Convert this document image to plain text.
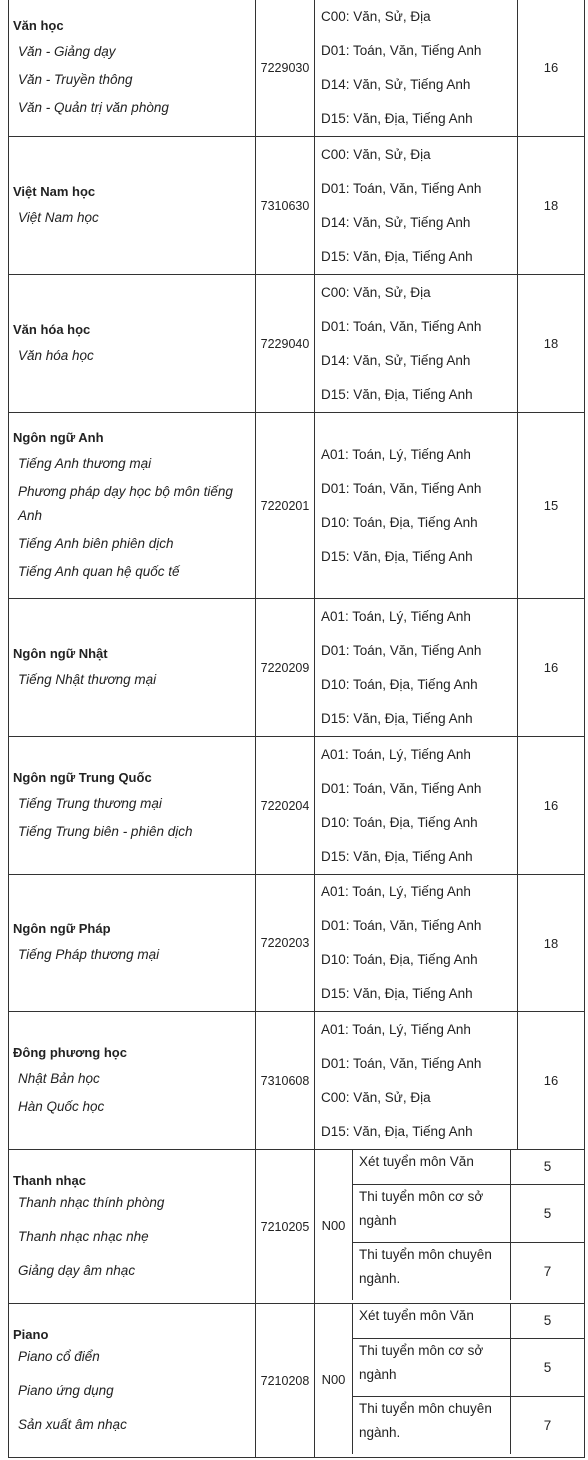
Văn học
Văn - Giảng dạy
Văn - Truyền thông
Văn - Quản trị văn phòng
	7229030	
C00: Văn, Sử, Địa
D01: Toán, Văn, Tiếng Anh
D14: Văn, Sử, Tiếng Anh
D15: Văn, Địa, Tiếng Anh
	16

Việt Nam học
Việt Nam học
	7310630	
C00: Văn, Sử, Địa
D01: Toán, Văn, Tiếng Anh
D14: Văn, Sử, Tiếng Anh
D15: Văn, Địa, Tiếng Anh
	18

Văn hóa học
Văn hóa học
	7229040	
C00: Văn, Sử, Địa
D01: Toán, Văn, Tiếng Anh
D14: Văn, Sử, Tiếng Anh
D15: Văn, Địa, Tiếng Anh
	18

Ngôn ngữ Anh
Tiếng Anh thương mại
Phương pháp dạy học bộ môn tiếng Anh
Tiếng Anh biên phiên dịch
Tiếng Anh quan hệ quốc tế
	7220201	
A01: Toán, Lý, Tiếng Anh
D01: Toán, Văn, Tiếng Anh
D10: Toán, Địa, Tiếng Anh
D15: Văn, Địa, Tiếng Anh
	15

Ngôn ngữ Nhật
Tiếng Nhật thương mại
	7220209	
A01: Toán, Lý, Tiếng Anh
D01: Toán, Văn, Tiếng Anh
D10: Toán, Địa, Tiếng Anh
D15: Văn, Địa, Tiếng Anh
	16

Ngôn ngữ Trung Quốc
Tiếng Trung thương mại
Tiếng Trung biên - phiên dịch
	7220204	
A01: Toán, Lý, Tiếng Anh
D01: Toán, Văn, Tiếng Anh
D10: Toán, Địa, Tiếng Anh
D15: Văn, Địa, Tiếng Anh
	16

Ngôn ngữ Pháp
Tiếng Pháp thương mại
	7220203	
A01: Toán, Lý, Tiếng Anh
D01: Toán, Văn, Tiếng Anh
D10: Toán, Địa, Tiếng Anh
D15: Văn, Địa, Tiếng Anh
	18

Đông phương học
Nhật Bản học
Hàn Quốc học
	7310608	
A01: Toán, Lý, Tiếng Anh
D01: Toán, Văn, Tiếng Anh
C00: Văn, Sử, Địa
D15: Văn, Địa, Tiếng Anh
	16

Thanh nhạc
Thanh nhạc thính phòng
Thanh nhạc nhạc nhẹ
Giảng dạy âm nhạc
	7210205	N00	Xét tuyển môn Văn	5
Thi tuyển môn cơ sở ngành	5
Thi tuyển môn chuyên ngành.	7

Piano
Piano cổ điển
Piano ứng dụng
Sản xuất âm nhạc
	7210208	N00	Xét tuyển môn Văn	5
Thi tuyển môn cơ sở ngành	5
Thi tuyển môn chuyên ngành.	7
